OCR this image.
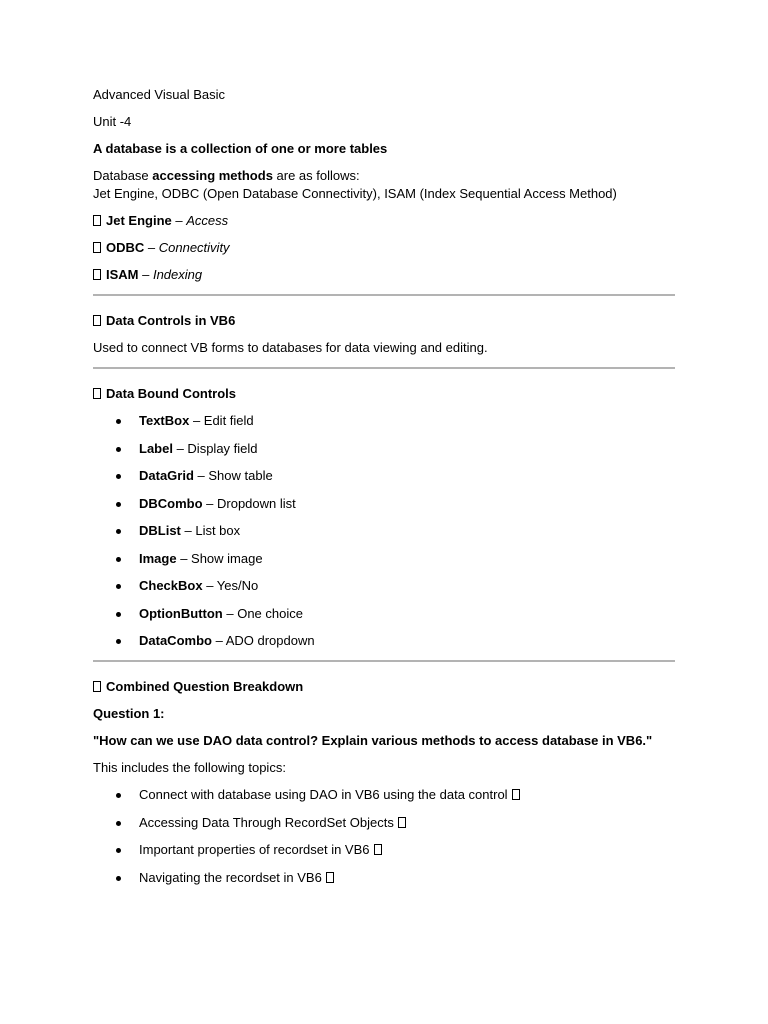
Advanced Visual Basic

Unit -4

A database is a collection of one or more tables

Database accessing methods are as follows:

Jet Engine, ODBC (Open Database Connectivity), ISAM (Index Sequential Access Method)

Jet Engine – Access

ODBC – Connectivity

ISAM – Indexing

Data Controls in VB6

Used to connect VB forms to databases for data viewing and editing.

Data Bound Controls

TextBox – Edit field
Label – Display field
DataGrid – Show table
DBCombo – Dropdown list
DBList – List box
Image – Show image
CheckBox – Yes/No
OptionButton – One choice
DataCombo – ADO dropdown

Combined Question Breakdown

Question 1:

"How can we use DAO data control? Explain various methods to access database in VB6."

This includes the following topics:

Connect with database using DAO in VB6 using the data control
Accessing Data Through RecordSet Objects
Important properties of recordset in VB6
Navigating the recordset in VB6
